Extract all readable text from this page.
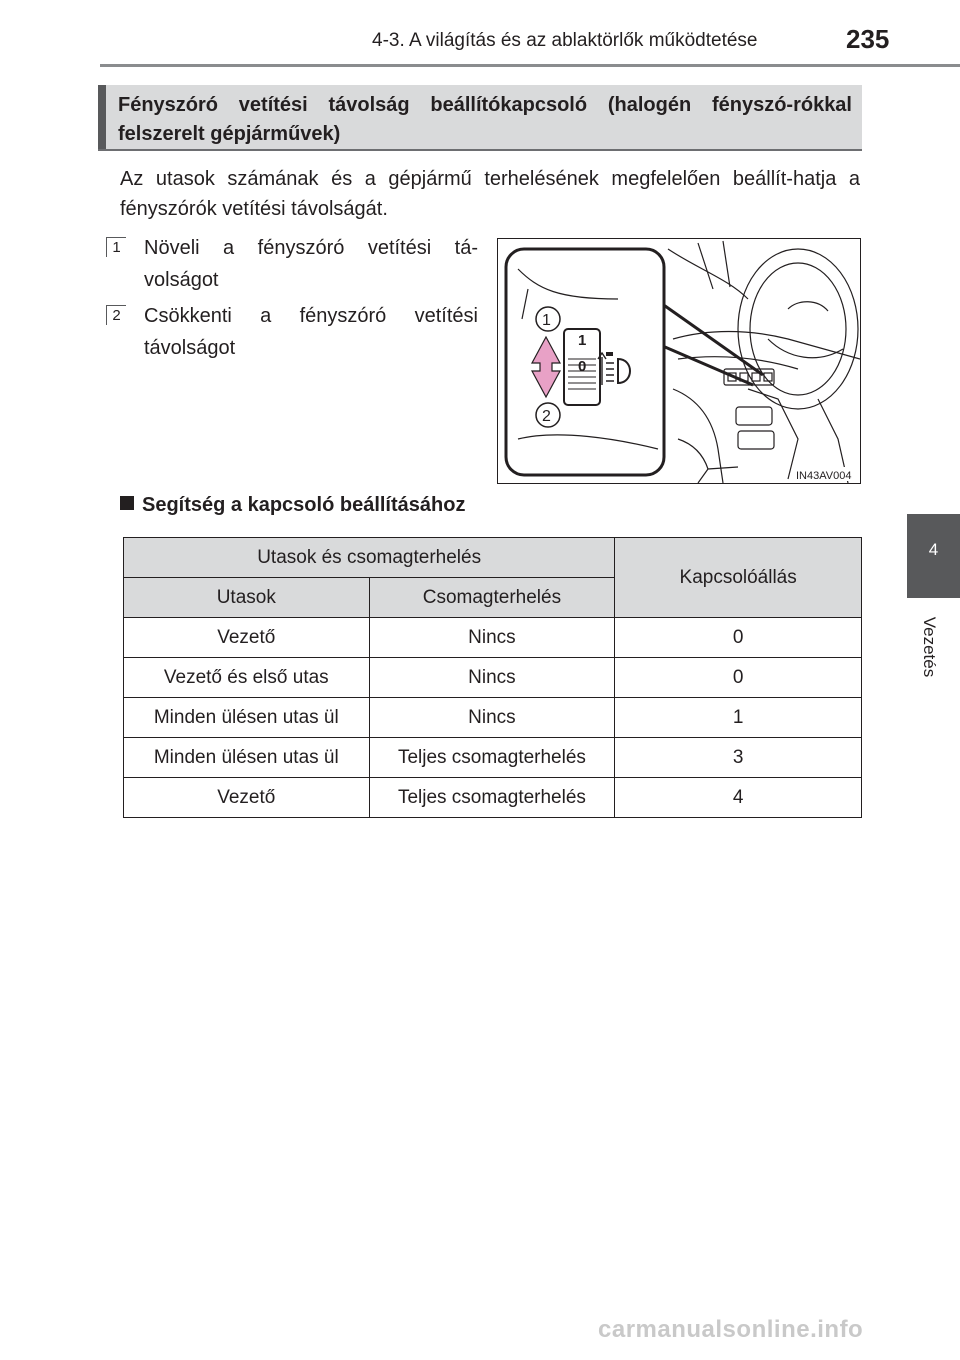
4-3. A világítás és az ablaktörlők működtetése	235
Fényszóró vetítési távolság beállítókapcsoló (halogén fényszó-rókkal felszerelt gépjárművek)
Az utasok számának és a gépjármű terhelésének megfelelően beállít-hatja a fényszórók vetítési távolságát.
1 Növeli a fényszóró vetítési tá-volságot
2 Csökkenti a fényszóró vetítési távolságot	1
0
1
2
IN43AV004
Segítség a kapcsoló beállításához
Utasok és csomagterhelés		Kapcsolóállás
Utasok	Csomagterhelés	
Vezető	Nincs	0
Vezető és első utas	Nincs	0
Minden ülésen utas ül	Nincs	1
Minden ülésen utas ül	Teljes csomagterhelés	3
Vezető	Teljes csomagterhelés	4
4
Vezetés
carmanualsonline.info
